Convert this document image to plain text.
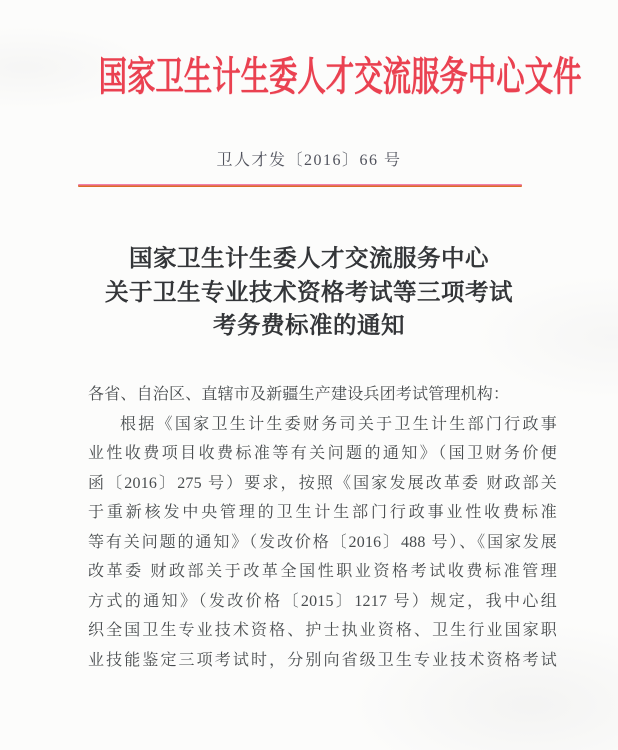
国家卫生计生委人才交流服务中心文件
卫人才发〔2016〕66 号
国家卫生计生委人才交流服务中心
关于卫生专业技术资格考试等三项考试
考务费标准的通知
各省、自治区、直辖市及新疆生产建设兵团考试管理机构：
根据《国家卫生计生委财务司关于卫生计生部门行政事
业性收费项目收费标准等有关问题的通知》（国卫财务价便
函〔2016〕275 号）要求，按照《国家发展改革委 财政部关
于重新核发中央管理的卫生计生部门行政事业性收费标准
等有关问题的通知》（发改价格〔2016〕488 号）、《国家发展
改革委 财政部关于改革全国性职业资格考试收费标准管理
方式的通知》（发改价格〔2015〕1217 号）规定，我中心组
织全国卫生专业技术资格、护士执业资格、卫生行业国家职
业技能鉴定三项考试时，分别向省级卫生专业技术资格考试
